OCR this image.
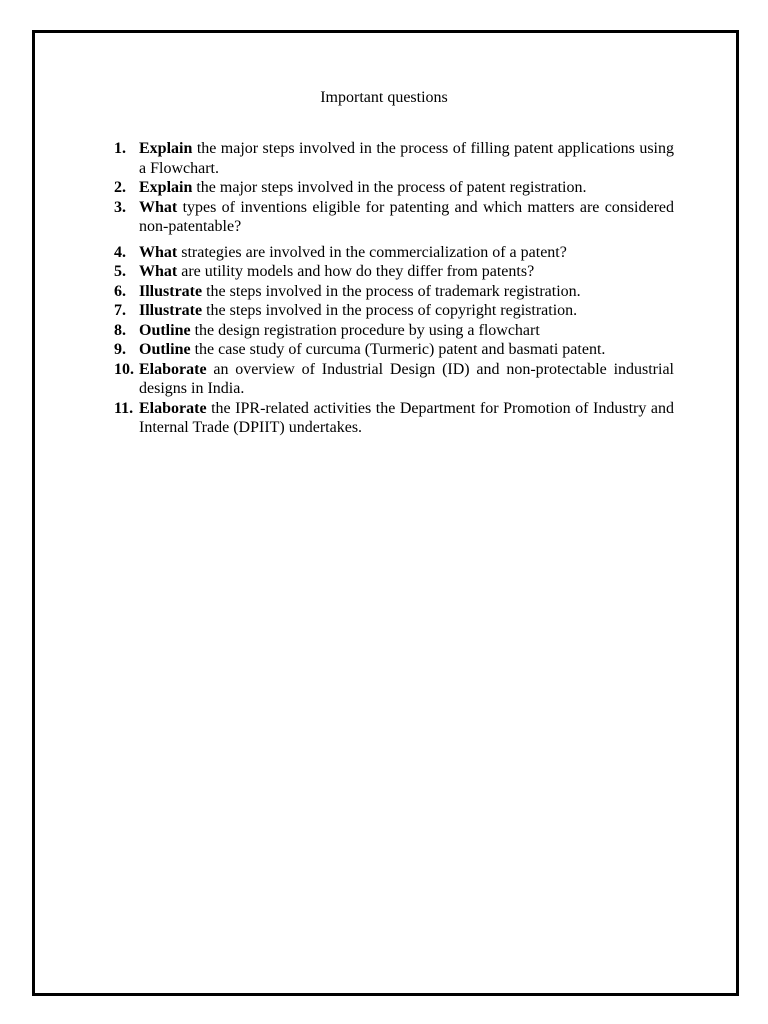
Important questions
1. Explain the major steps involved in the process of filling patent applications using a Flowchart.
2. Explain the major steps involved in the process of patent registration.
3. What types of inventions eligible for patenting and which matters are considered non-patentable?
4. What strategies are involved in the commercialization of a patent?
5. What are utility models and how do they differ from patents?
6. Illustrate the steps involved in the process of trademark registration.
7. Illustrate the steps involved in the process of copyright registration.
8. Outline the design registration procedure by using a flowchart
9. Outline the case study of curcuma (Turmeric) patent and basmati patent.
10. Elaborate an overview of Industrial Design (ID) and non-protectable industrial designs in India.
11. Elaborate the IPR-related activities the Department for Promotion of Industry and Internal Trade (DPIIT) undertakes.
